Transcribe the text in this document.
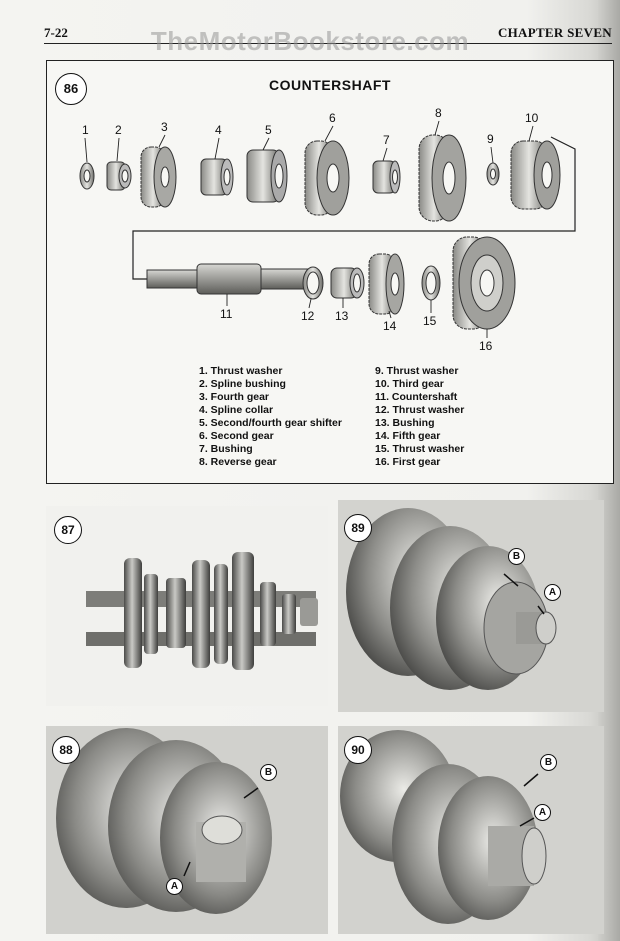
7-22	CHAPTER SEVEN
TheMotorBookstore.com
86	COUNTERSHAFT
1 2	3	4	5
6
7
8
9
10
11	12 13
14 15
16
1. Thrust washer
2. Spline bushing
3. Fourth gear
4. Spline collar
5. Second/fourth gear shifter
6. Second gear
7. Bushing
8. Reverse gear
9. Thrust washer
10. Third gear
11. Countershaft
12. Thrust washer
13. Bushing
14. Fifth gear
15. Thrust washer
16. First gear
87	89
B
A
88
B
A
90
B
A
